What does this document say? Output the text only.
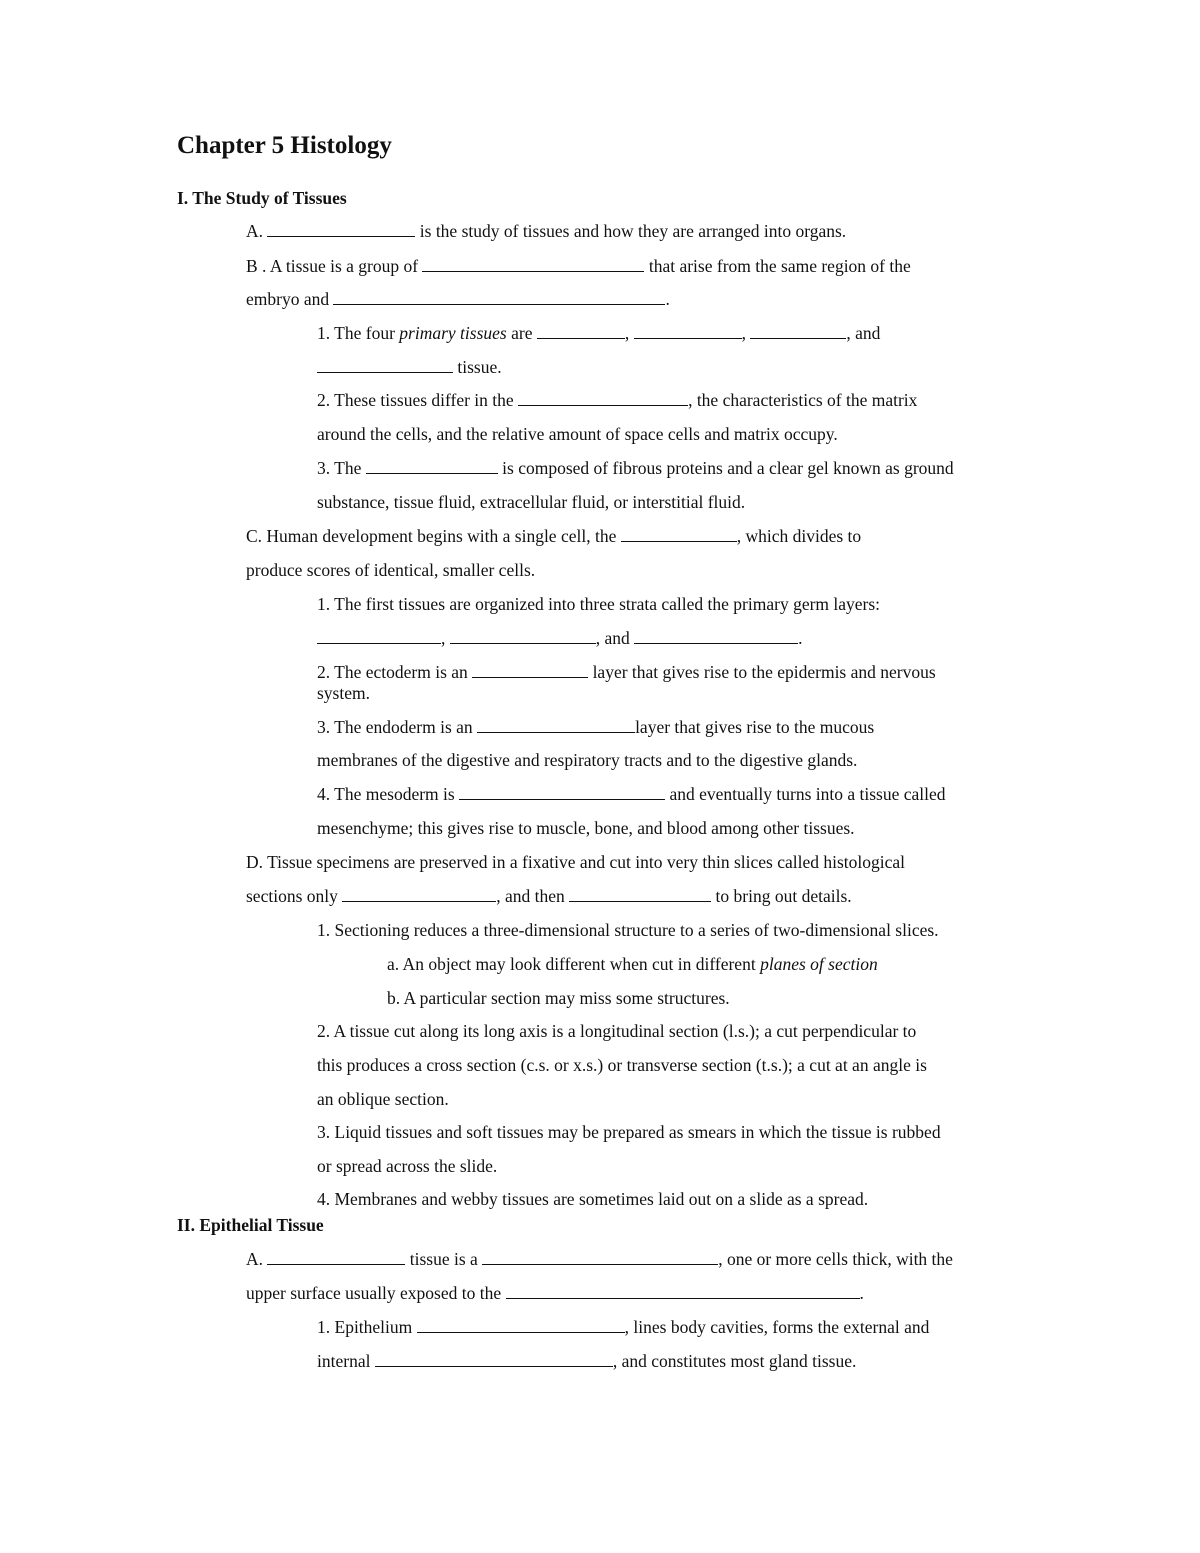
Chapter 5 Histology
I. The Study of Tissues
A.	is the study of tissues and how they are arranged into organs.
B . A tissue is a group of	that arise from the same region of the
embryo and	.
1. The four primary tissues are	,	,	, and
tissue.
2. These tissues differ in the	, the characteristics of the matrix
around the cells, and the relative amount of space cells and matrix occupy.
3. The	is composed of fibrous proteins and a clear gel known as ground
substance, tissue fluid, extracellular fluid, or interstitial fluid.
C. Human development begins with a single cell, the	, which divides to
produce scores of identical, smaller cells.
1. The first tissues are organized into three strata called the primary germ layers:
,	, and	.
2. The ectoderm is an	layer that gives rise to the epidermis and nervous
system.
3. The endoderm is an	layer that gives rise to the mucous
membranes of the digestive and respiratory tracts and to the digestive glands.
4. The mesoderm is	and eventually turns into a tissue called
mesenchyme; this gives rise to muscle, bone, and blood among other tissues.
D. Tissue specimens are preserved in a fixative and cut into very thin slices called histological
sections only	, and then	to bring out details.
1. Sectioning reduces a three-dimensional structure to a series of two-dimensional slices.
a. An object may look different when cut in different planes of section
b. A particular section may miss some structures.
2. A tissue cut along its long axis is a longitudinal section (l.s.); a cut perpendicular to
this produces a cross section (c.s. or x.s.) or transverse section (t.s.); a cut at an angle is
an oblique section.
3. Liquid tissues and soft tissues may be prepared as smears in which the tissue is rubbed
or spread across the slide.
4. Membranes and webby tissues are sometimes laid out on a slide as a spread.
II. Epithelial Tissue
A.	tissue is a	, one or more cells thick, with the
upper surface usually exposed to the	.
1. Epithelium	, lines body cavities, forms the external and
internal	, and constitutes most gland tissue.
